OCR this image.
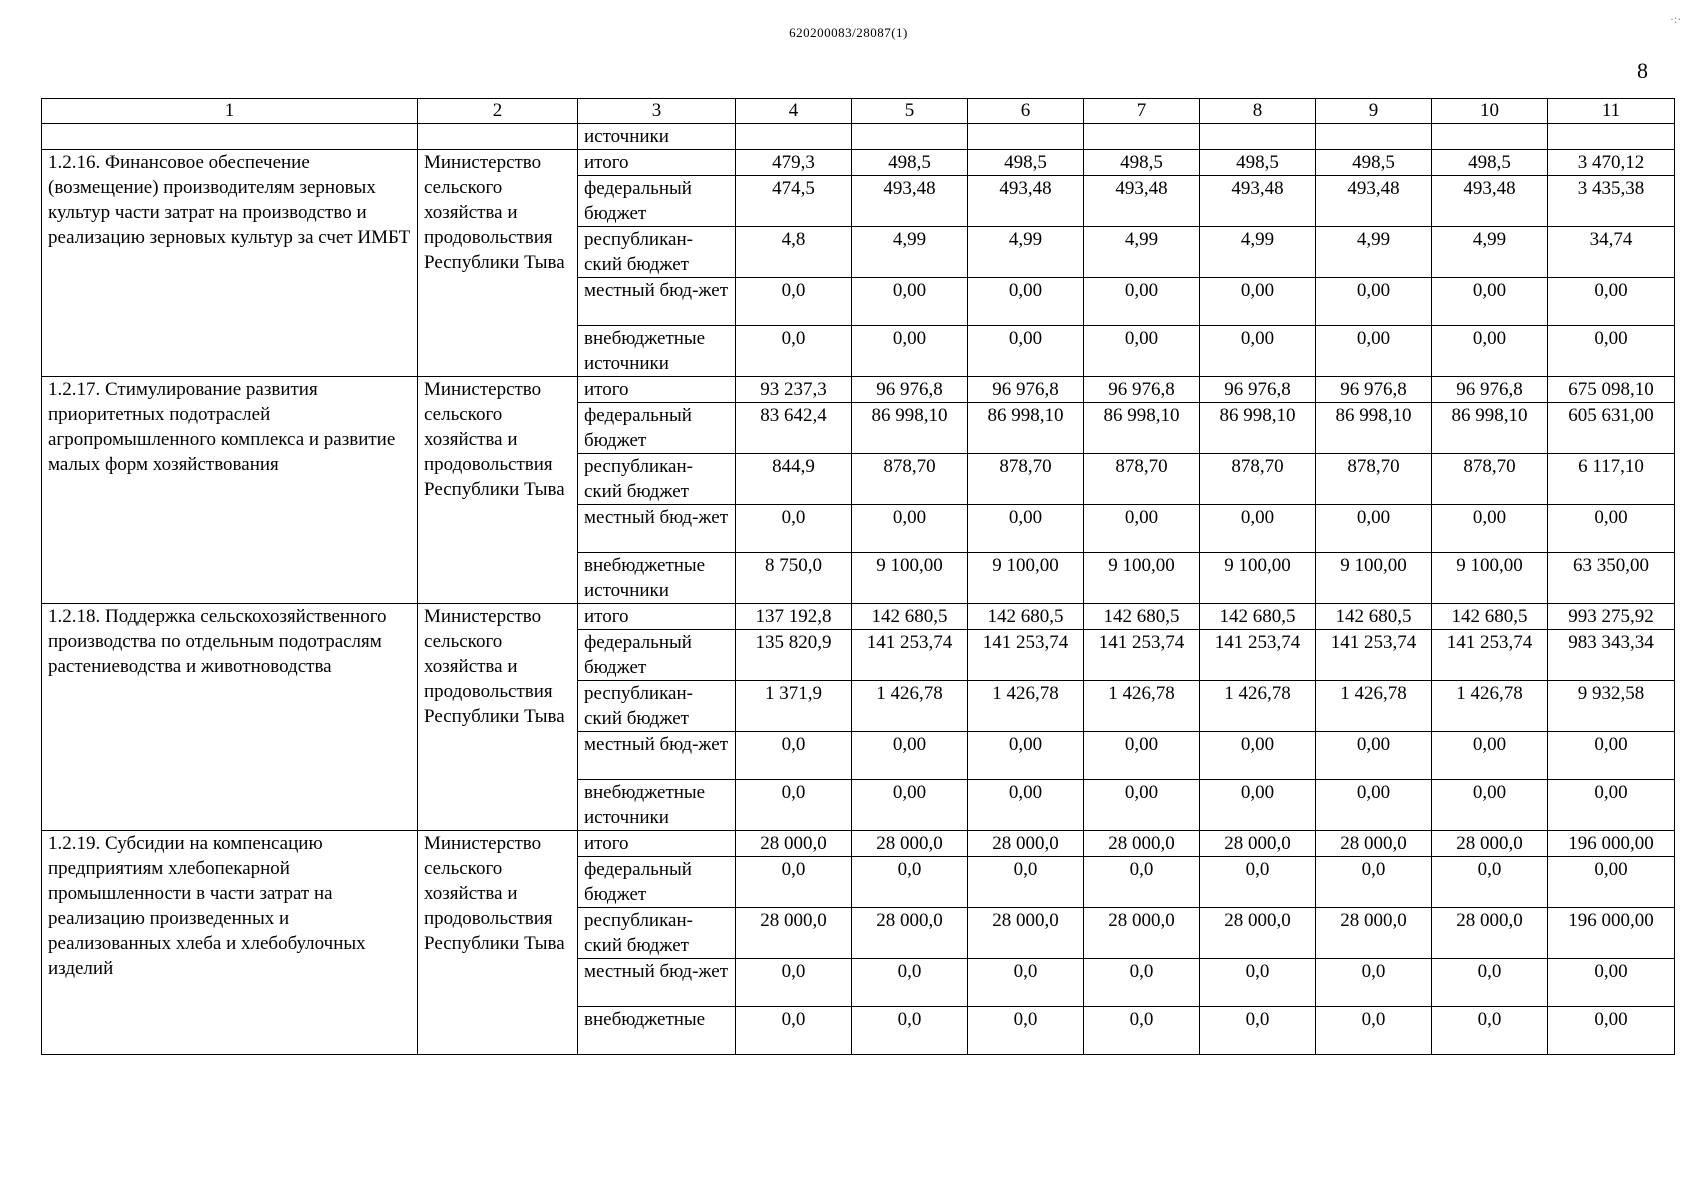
620200083/28087(1)
8
·:·
1	2	3	4	5	6	7	8	9	10	11
		источники								
1.2.16. Финансовое обеспечение (возмещение) производителям зерновых культур части затрат на производство и реализацию зерновых культур за счет ИМБТ	Министерство сельского хозяйства и продовольствия Республики Тыва	итого	479,3	498,5	498,5	498,5	498,5	498,5	498,5	3 470,12
		федеральный бюджет	474,5	493,48	493,48	493,48	493,48	493,48	493,48	3 435,38
		республикан-ский бюджет	4,8	4,99	4,99	4,99	4,99	4,99	4,99	34,74
		местный бюд-жет	0,0	0,00	0,00	0,00	0,00	0,00	0,00	0,00
		внебюджетные источники	0,0	0,00	0,00	0,00	0,00	0,00	0,00	0,00
1.2.17. Стимулирование развития приоритетных подотраслей агропромышленного комплекса и развитие малых форм хозяйствования	Министерство сельского хозяйства и продовольствия Республики Тыва	итого	93 237,3	96 976,8	96 976,8	96 976,8	96 976,8	96 976,8	96 976,8	675 098,10
		федеральный бюджет	83 642,4	86 998,10	86 998,10	86 998,10	86 998,10	86 998,10	86 998,10	605 631,00
		республикан-ский бюджет	844,9	878,70	878,70	878,70	878,70	878,70	878,70	6 117,10
		местный бюд-жет	0,0	0,00	0,00	0,00	0,00	0,00	0,00	0,00
		внебюджетные источники	8 750,0	9 100,00	9 100,00	9 100,00	9 100,00	9 100,00	9 100,00	63 350,00
1.2.18. Поддержка сельскохозяйственного производства по отдельным подотраслям растениеводства и животноводства	Министерство сельского хозяйства и продовольствия Республики Тыва	итого	137 192,8	142 680,5	142 680,5	142 680,5	142 680,5	142 680,5	142 680,5	993 275,92
		федеральный бюджет	135 820,9	141 253,74	141 253,74	141 253,74	141 253,74	141 253,74	141 253,74	983 343,34
		республикан-ский бюджет	1 371,9	1 426,78	1 426,78	1 426,78	1 426,78	1 426,78	1 426,78	9 932,58
		местный бюд-жет	0,0	0,00	0,00	0,00	0,00	0,00	0,00	0,00
		внебюджетные источники	0,0	0,00	0,00	0,00	0,00	0,00	0,00	0,00
1.2.19. Субсидии на компенсацию предприятиям хлебопекарной промышленности в части затрат на реализацию произведенных и реализованных хлеба и хлебобулочных изделий	Министерство сельского хозяйства и продовольствия Республики Тыва	итого	28 000,0	28 000,0	28 000,0	28 000,0	28 000,0	28 000,0	28 000,0	196 000,00
		федеральный бюджет	0,0	0,0	0,0	0,0	0,0	0,0	0,0	0,00
		республикан-ский бюджет	28 000,0	28 000,0	28 000,0	28 000,0	28 000,0	28 000,0	28 000,0	196 000,00
		местный бюд-жет	0,0	0,0	0,0	0,0	0,0	0,0	0,0	0,00
		внебюджетные	0,0	0,0	0,0	0,0	0,0	0,0	0,0	0,00
